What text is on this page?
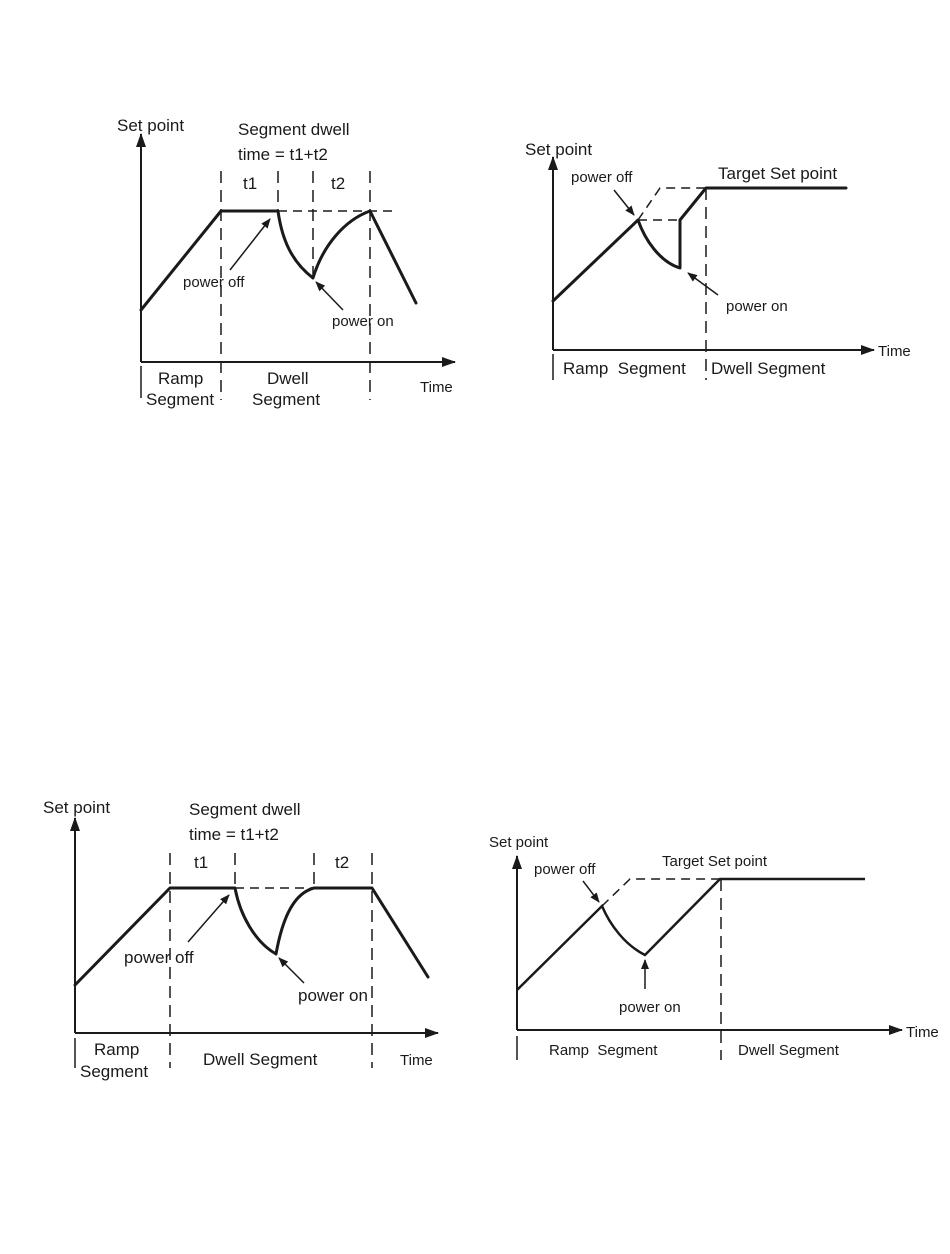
Set point	Segment dwell
time = t1+t2
t1	t2
power off
power on
Ramp
Segment
Dwell
Segment
Time
Set point
Time
power off	Target Set point
power on
Ramp  Segment Dwell Segment
Set point	Segment dwell
time = t1+t2
t1	t2
power off
power on
Ramp
Segment
Dwell Segment	Time
Set point
Time
power off	Target Set point
power on
Ramp  Segment	Dwell Segment
